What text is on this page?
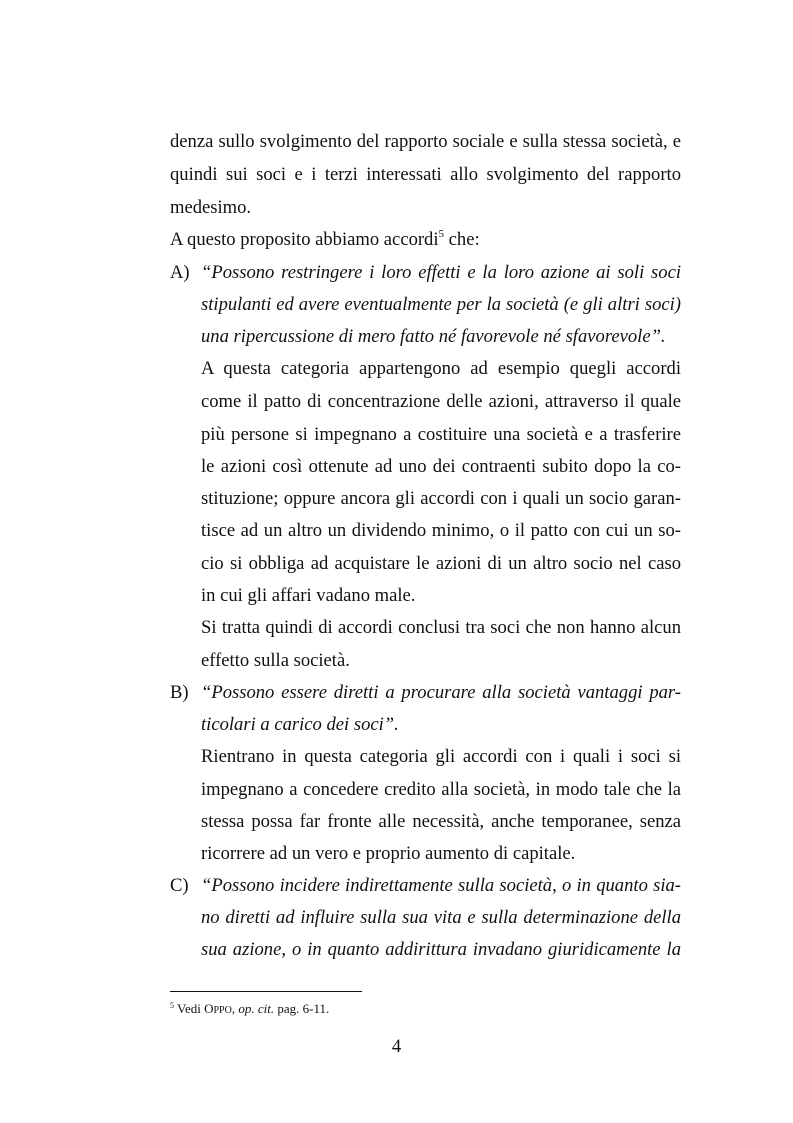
denza sullo svolgimento del rapporto sociale e sulla stessa società, e
quindi sui soci e i terzi interessati allo svolgimento del rapporto
medesimo.
A questo proposito abbiamo accordi$^5$ che:
A) “Possono restringere i loro effetti e la loro azione ai soli soci
stipulanti ed avere eventualmente per la società (e gli altri soci)
una ripercussione di mero fatto né favorevole né sfavorevole”.
A questa categoria appartengono ad esempio quegli accordi
come il patto di concentrazione delle azioni, attraverso il quale
più persone si impegnano a costituire una società e a trasferire
le azioni così ottenute ad uno dei contraenti subito dopo la co-
stituzione; oppure ancora gli accordi con i quali un socio garan-
tisce ad un altro un dividendo minimo, o il patto con cui un so-
cio si obbliga ad acquistare le azioni di un altro socio nel caso
in cui gli affari vadano male.
Si tratta quindi di accordi conclusi tra soci che non hanno alcun
effetto sulla società.
B) “Possono essere diretti a procurare alla società vantaggi par-
ticolari a carico dei soci”.
Rientrano in questa categoria gli accordi con i quali i soci si
impegnano a concedere credito alla società, in modo tale che la
stessa possa far fronte alle necessità, anche temporanee, senza
ricorrere ad un vero e proprio aumento di capitale.
C) “Possono incidere indirettamente sulla società, o in quanto sia-
no diretti ad influire sulla sua vita e sulla determinazione della
sua azione, o in quanto addirittura invadano giuridicamente la
$^5$ Vedi OPPO, op. cit. pag. 6-11.
4
